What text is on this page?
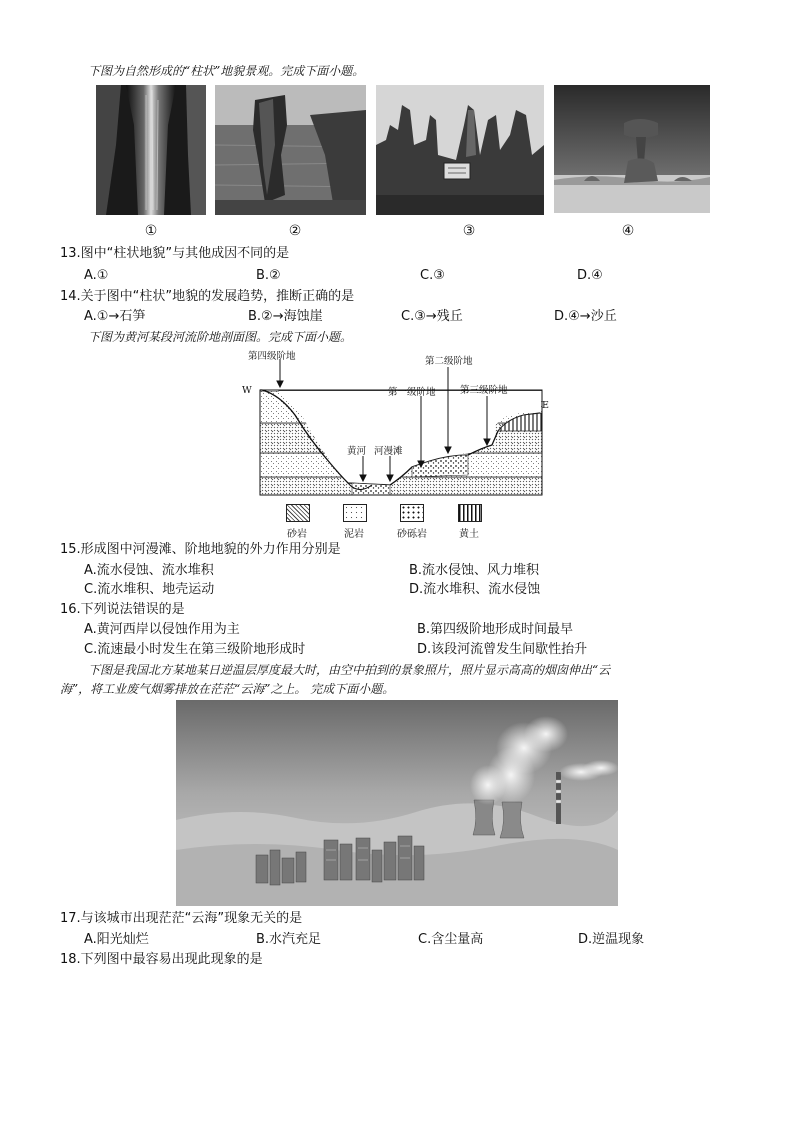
下图为自然形成的“柱状”地貌景观。完成下面小题。
①	②	③	④
13.图中“柱状地貌”与其他成因不同的是
A.①	B.②	C.③	D.④
14.关于图中“柱状”地貌的发展趋势，推断正确的是
A.①→石笋	B.②→海蚀崖	C.③→残丘	D.④→沙丘
下图为黄河某段河流阶地剖面图。完成下面小题。
第四级阶地
W
第二级阶地
第一级阶地	第三级阶地
E
黄河 河漫滩
砂岩	泥岩	砂砾岩	黄土
15.形成图中河漫滩、阶地地貌的外力作用分别是
A.流水侵蚀、流水堆积	B.流水侵蚀、风力堆积
C.流水堆积、地壳运动	D.流水堆积、流水侵蚀
16.下列说法错误的是
A.黄河西岸以侵蚀作用为主	B.第四级阶地形成时间最早
C.流速最小时发生在第三级阶地形成时	D.该段河流曾发生间歇性抬升
下图是我国北方某地某日逆温层厚度最大时，由空中拍到的景象照片，照片显示高高的烟囱伸出“云
海”，将工业废气烟雾排放在茫茫“云海”之上。 完成下面小题。
17.与该城市出现茫茫“云海”现象无关的是
A.阳光灿烂	B.水汽充足	C.含尘量高	D.逆温现象
18.下列图中最容易出现此现象的是
